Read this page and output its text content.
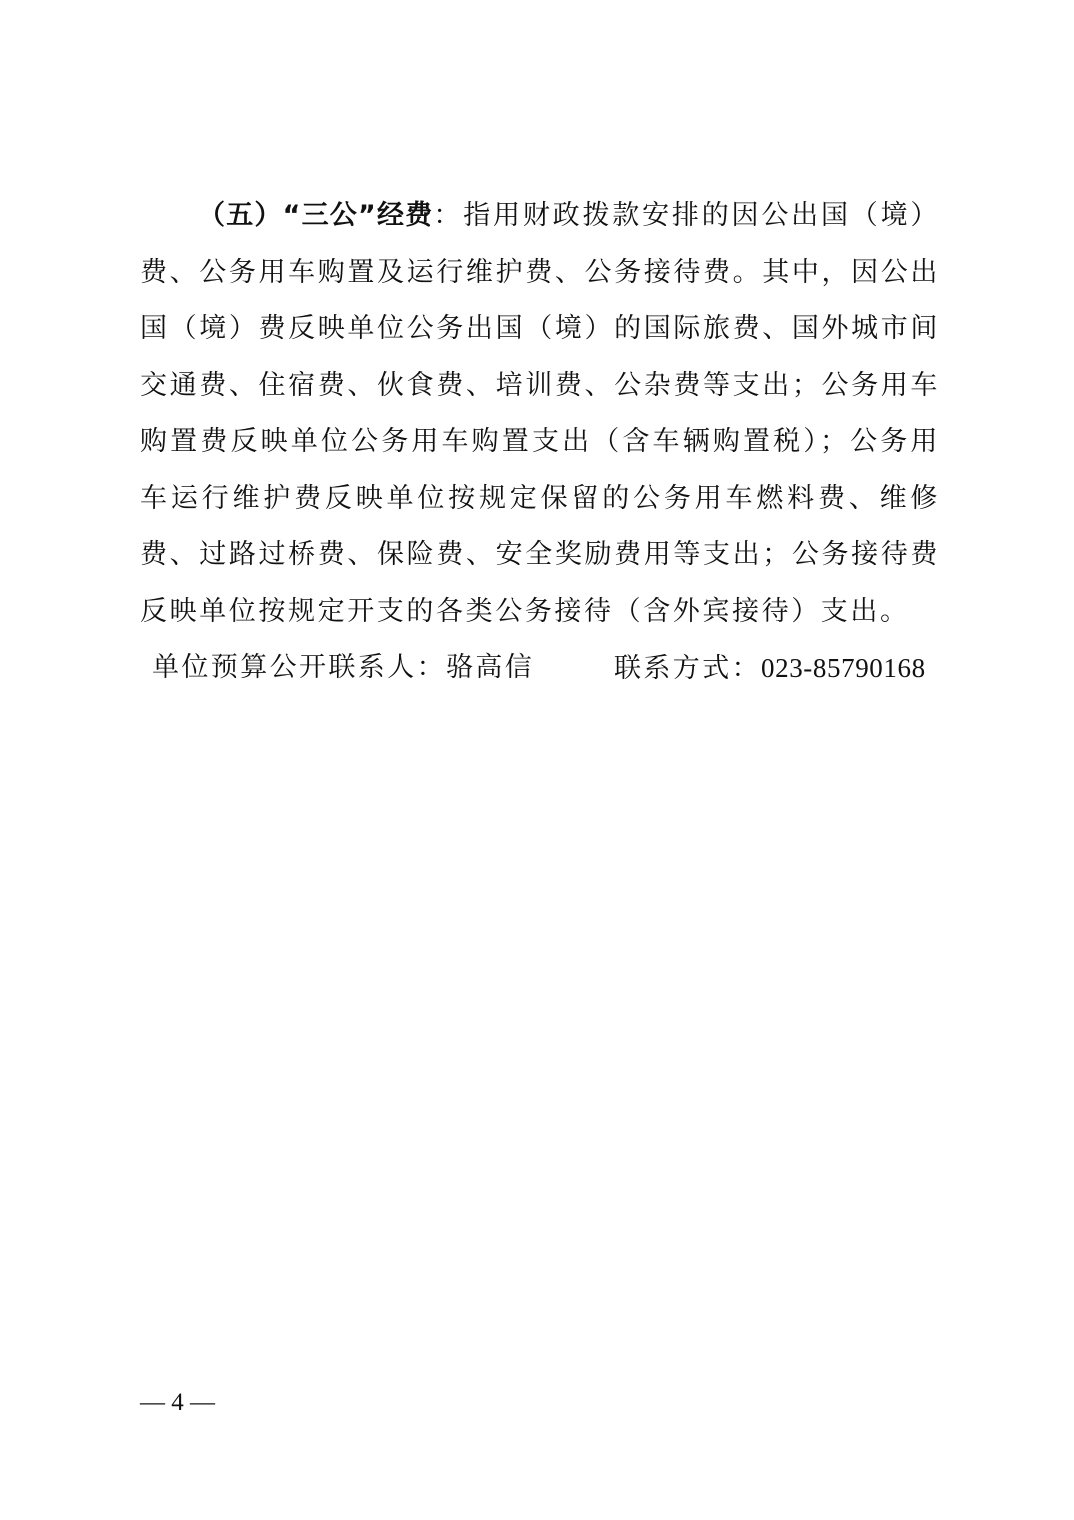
（五）“三公”经费：指用财政拨款安排的因公出国（境）费、公务用车购置及运行维护费、公务接待费。其中，因公出国（境）费反映单位公务出国（境）的国际旅费、国外城市间交通费、住宿费、伙食费、培训费、公杂费等支出；公务用车购置费反映单位公务用车购置支出（含车辆购置税）；公务用车运行维护费反映单位按规定保留的公务用车燃料费、维修费、过路过桥费、保险费、安全奖励费用等支出；公务接待费反映单位按规定开支的各类公务接待（含外宾接待）支出。

单位预算公开联系人：骆高信	联系方式：023-85790168
— 4 —
